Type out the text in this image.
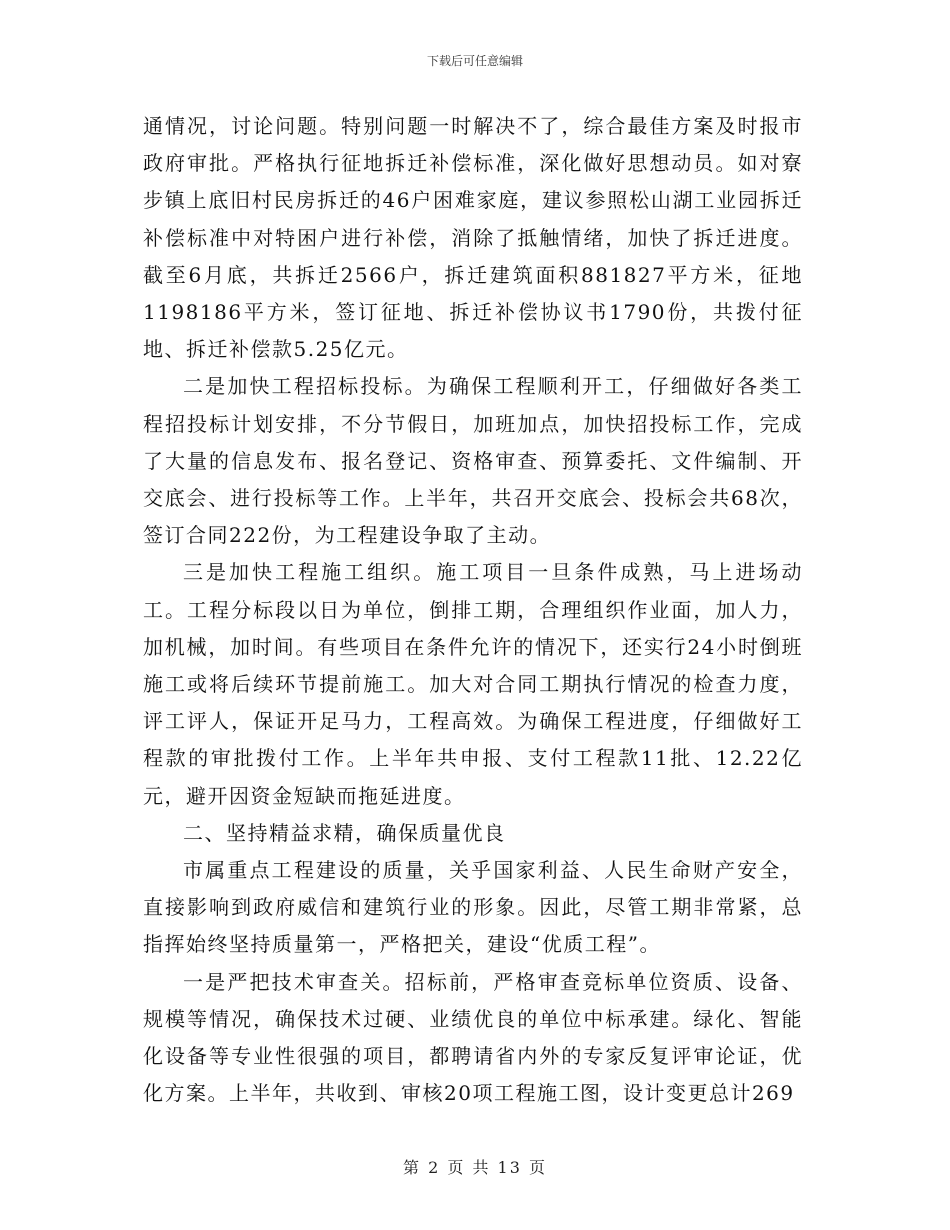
下载后可任意编辑

通情况，讨论问题。特别问题一时解决不了，综合最佳方案及时报市政府审批。严格执行征地拆迁补偿标准，深化做好思想动员。如对寮步镇上底旧村民房拆迁的46户困难家庭，建议参照松山湖工业园拆迁补偿标准中对特困户进行补偿，消除了抵触情绪，加快了拆迁进度。截至6月底，共拆迁2566户，拆迁建筑面积881827平方米，征地1198186平方米，签订征地、拆迁补偿协议书1790份，共拨付征地、拆迁补偿款5.25亿元。

二是加快工程招标投标。为确保工程顺利开工，仔细做好各类工程招投标计划安排，不分节假日，加班加点，加快招投标工作，完成了大量的信息发布、报名登记、资格审查、预算委托、文件编制、开交底会、进行投标等工作。上半年，共召开交底会、投标会共68次，签订合同222份，为工程建设争取了主动。

三是加快工程施工组织。施工项目一旦条件成熟，马上进场动工。工程分标段以日为单位，倒排工期，合理组织作业面，加人力，加机械，加时间。有些项目在条件允许的情况下，还实行24小时倒班施工或将后续环节提前施工。加大对合同工期执行情况的检查力度，评工评人，保证开足马力，工程高效。为确保工程进度，仔细做好工程款的审批拨付工作。上半年共申报、支付工程款11批、12.22亿元，避开因资金短缺而拖延进度。

二、坚持精益求精，确保质量优良

市属重点工程建设的质量，关乎国家利益、人民生命财产安全，直接影响到政府威信和建筑行业的形象。因此，尽管工期非常紧，总指挥始终坚持质量第一，严格把关，建设“优质工程”。

一是严把技术审查关。招标前，严格审查竞标单位资质、设备、规模等情况，确保技术过硬、业绩优良的单位中标承建。绿化、智能化设备等专业性很强的项目，都聘请省内外的专家反复评审论证，优化方案。上半年，共收到、审核20项工程施工图，设计变更总计269

第 2 页 共 13 页
